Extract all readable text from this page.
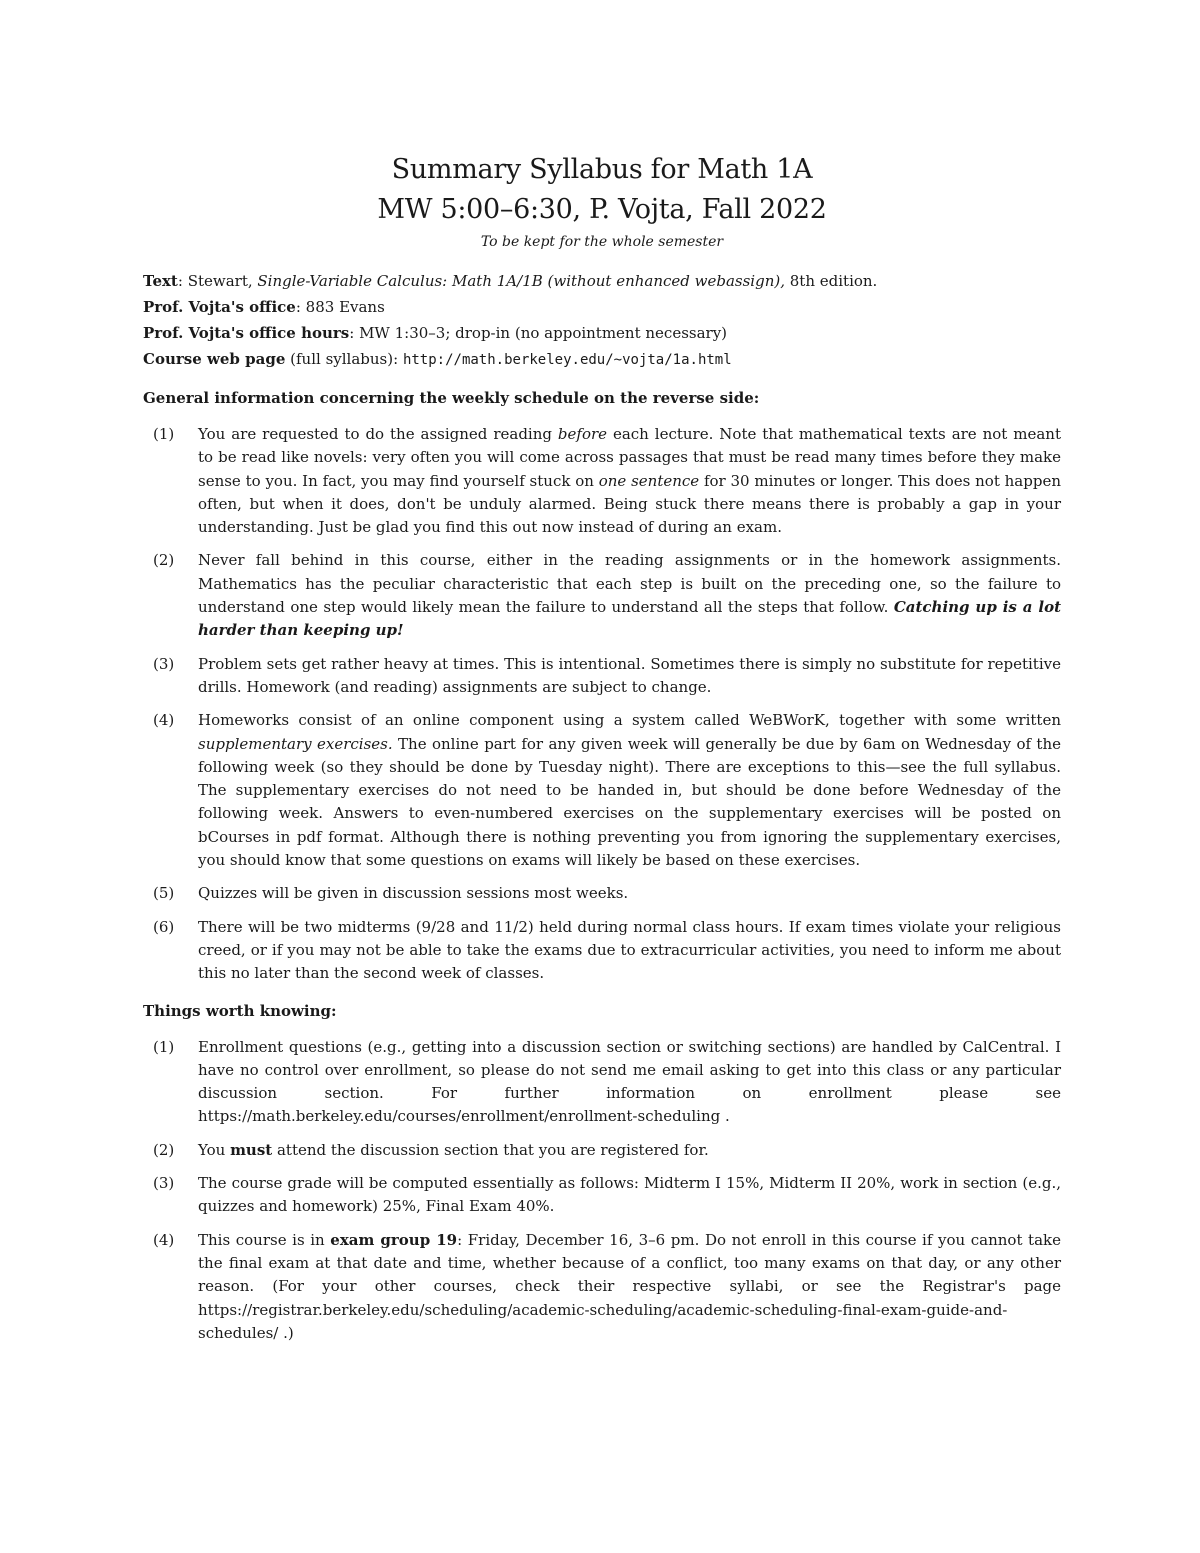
Summary Syllabus for Math 1A
MW 5:00–6:30, P. Vojta, Fall 2022

To be kept for the whole semester

Text: Stewart, Single-Variable Calculus: Math 1A/1B (without enhanced webassign), 8th edition.

Prof. Vojta's office: 883 Evans

Prof. Vojta's office hours: MW 1:30–3; drop-in (no appointment necessary)

Course web page (full syllabus): http://math.berkeley.edu/~vojta/1a.html

General information concerning the weekly schedule on the reverse side:

(1) You are requested to do the assigned reading before each lecture. Note that mathematical texts are not meant to be read like novels: very often you will come across passages that must be read many times before they make sense to you. In fact, you may find yourself stuck on one sentence for 30 minutes or longer. This does not happen often, but when it does, don't be unduly alarmed. Being stuck there means there is probably a gap in your understanding. Just be glad you find this out now instead of during an exam.
(2) Never fall behind in this course, either in the reading assignments or in the homework assignments. Mathematics has the peculiar characteristic that each step is built on the preceding one, so the failure to understand one step would likely mean the failure to understand all the steps that follow. Catching up is a lot harder than keeping up!
(3) Problem sets get rather heavy at times. This is intentional. Sometimes there is simply no substitute for repetitive drills. Homework (and reading) assignments are subject to change.
(4) Homeworks consist of an online component using a system called WeBWorK, together with some written supplementary exercises. The online part for any given week will generally be due by 6am on Wednesday of the following week (so they should be done by Tuesday night). There are exceptions to this—see the full syllabus. The supplementary exercises do not need to be handed in, but should be done before Wednesday of the following week. Answers to even-numbered exercises on the supplementary exercises will be posted on bCourses in pdf format. Although there is nothing preventing you from ignoring the supplementary exercises, you should know that some questions on exams will likely be based on these exercises.
(5) Quizzes will be given in discussion sessions most weeks.
(6) There will be two midterms (9/28 and 11/2) held during normal class hours. If exam times violate your religious creed, or if you may not be able to take the exams due to extracurricular activities, you need to inform me about this no later than the second week of classes.

Things worth knowing:

(1) Enrollment questions (e.g., getting into a discussion section or switching sections) are handled by CalCentral. I have no control over enrollment, so please do not send me email asking to get into this class or any particular discussion section. For further information on enrollment please see https://math.berkeley.edu/courses/enrollment/enrollment-scheduling .
(2) You must attend the discussion section that you are registered for.
(3) The course grade will be computed essentially as follows: Midterm I 15%, Midterm II 20%, work in section (e.g., quizzes and homework) 25%, Final Exam 40%.
(4) This course is in exam group 19: Friday, December 16, 3–6 pm. Do not enroll in this course if you cannot take the final exam at that date and time, whether because of a conflict, too many exams on that day, or any other reason. (For your other courses, check their respective syllabi, or see the Registrar's page https://registrar.berkeley.edu/scheduling/academic-scheduling/academic-scheduling-final-exam-guide-and-schedules/ .)
